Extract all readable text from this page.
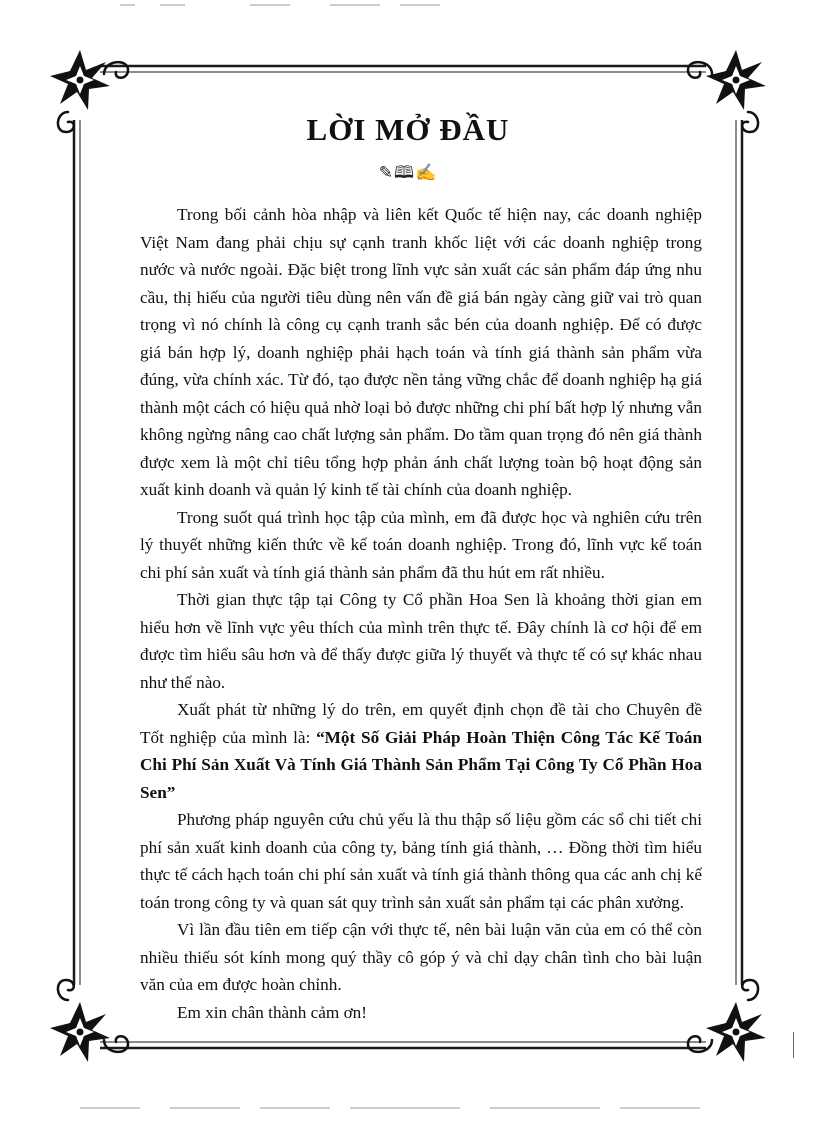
LỜI MỞ ĐẦU
✎🕮✍

Trong bối cảnh hòa nhập và liên kết Quốc tế hiện nay, các doanh nghiệp Việt Nam đang phải chịu sự cạnh tranh khốc liệt với các doanh nghiệp trong nước và nước ngoài. Đặc biệt trong lĩnh vực sản xuất các sản phẩm đáp ứng nhu cầu, thị hiếu của người tiêu dùng nên vấn đề giá bán ngày càng giữ vai trò quan trọng vì nó chính là công cụ cạnh tranh sắc bén của doanh nghiệp. Để có được giá bán hợp lý, doanh nghiệp phải hạch toán và tính giá thành sản phẩm vừa đúng, vừa chính xác. Từ đó, tạo được nền tảng vững chắc để doanh nghiệp hạ giá thành một cách có hiệu quả nhờ loại bỏ được những chi phí bất hợp lý nhưng vẫn không ngừng nâng cao chất lượng sản phẩm. Do tầm quan trọng đó nên giá thành được xem là một chỉ tiêu tổng hợp phản ánh chất lượng toàn bộ hoạt động sản xuất kinh doanh và quản lý kinh tế tài chính của doanh nghiệp.

Trong suốt quá trình học tập của mình, em đã được học và nghiên cứu trên lý thuyết những kiến thức về kế toán doanh nghiệp. Trong đó, lĩnh vực kế toán chi phí sản xuất và tính giá thành sản phẩm đã thu hút em rất nhiều.

Thời gian thực tập tại Công ty Cổ phần Hoa Sen là khoảng thời gian em hiểu hơn về lĩnh vực yêu thích của mình trên thực tế. Đây chính là cơ hội để em được tìm hiểu sâu hơn và để thấy được giữa lý thuyết và thực tế có sự khác nhau như thế nào.

Xuất phát từ những lý do trên, em quyết định chọn đề tài cho Chuyên đề Tốt nghiệp của mình là: “Một Số Giải Pháp Hoàn Thiện Công Tác Kế Toán Chi Phí Sản Xuất Và Tính Giá Thành Sản Phẩm Tại Công Ty Cổ Phần Hoa Sen”

Phương pháp nguyên cứu chủ yếu là thu thập số liệu gồm các sổ chi tiết chi phí sản xuất kinh doanh của công ty, bảng tính giá thành, … Đồng thời tìm hiểu thực tế cách hạch toán chi phí sản xuất và tính giá thành thông qua các anh chị kế toán trong công ty và quan sát quy trình sản xuất sản phẩm tại các phân xưởng.

Vì lần đầu tiên em tiếp cận với thực tế, nên bài luận văn của em có thể còn nhiều thiếu sót kính mong quý thầy cô góp ý và chỉ dạy chân tình cho bài luận văn của em được hoàn chỉnh.

Em xin chân thành cảm ơn!
